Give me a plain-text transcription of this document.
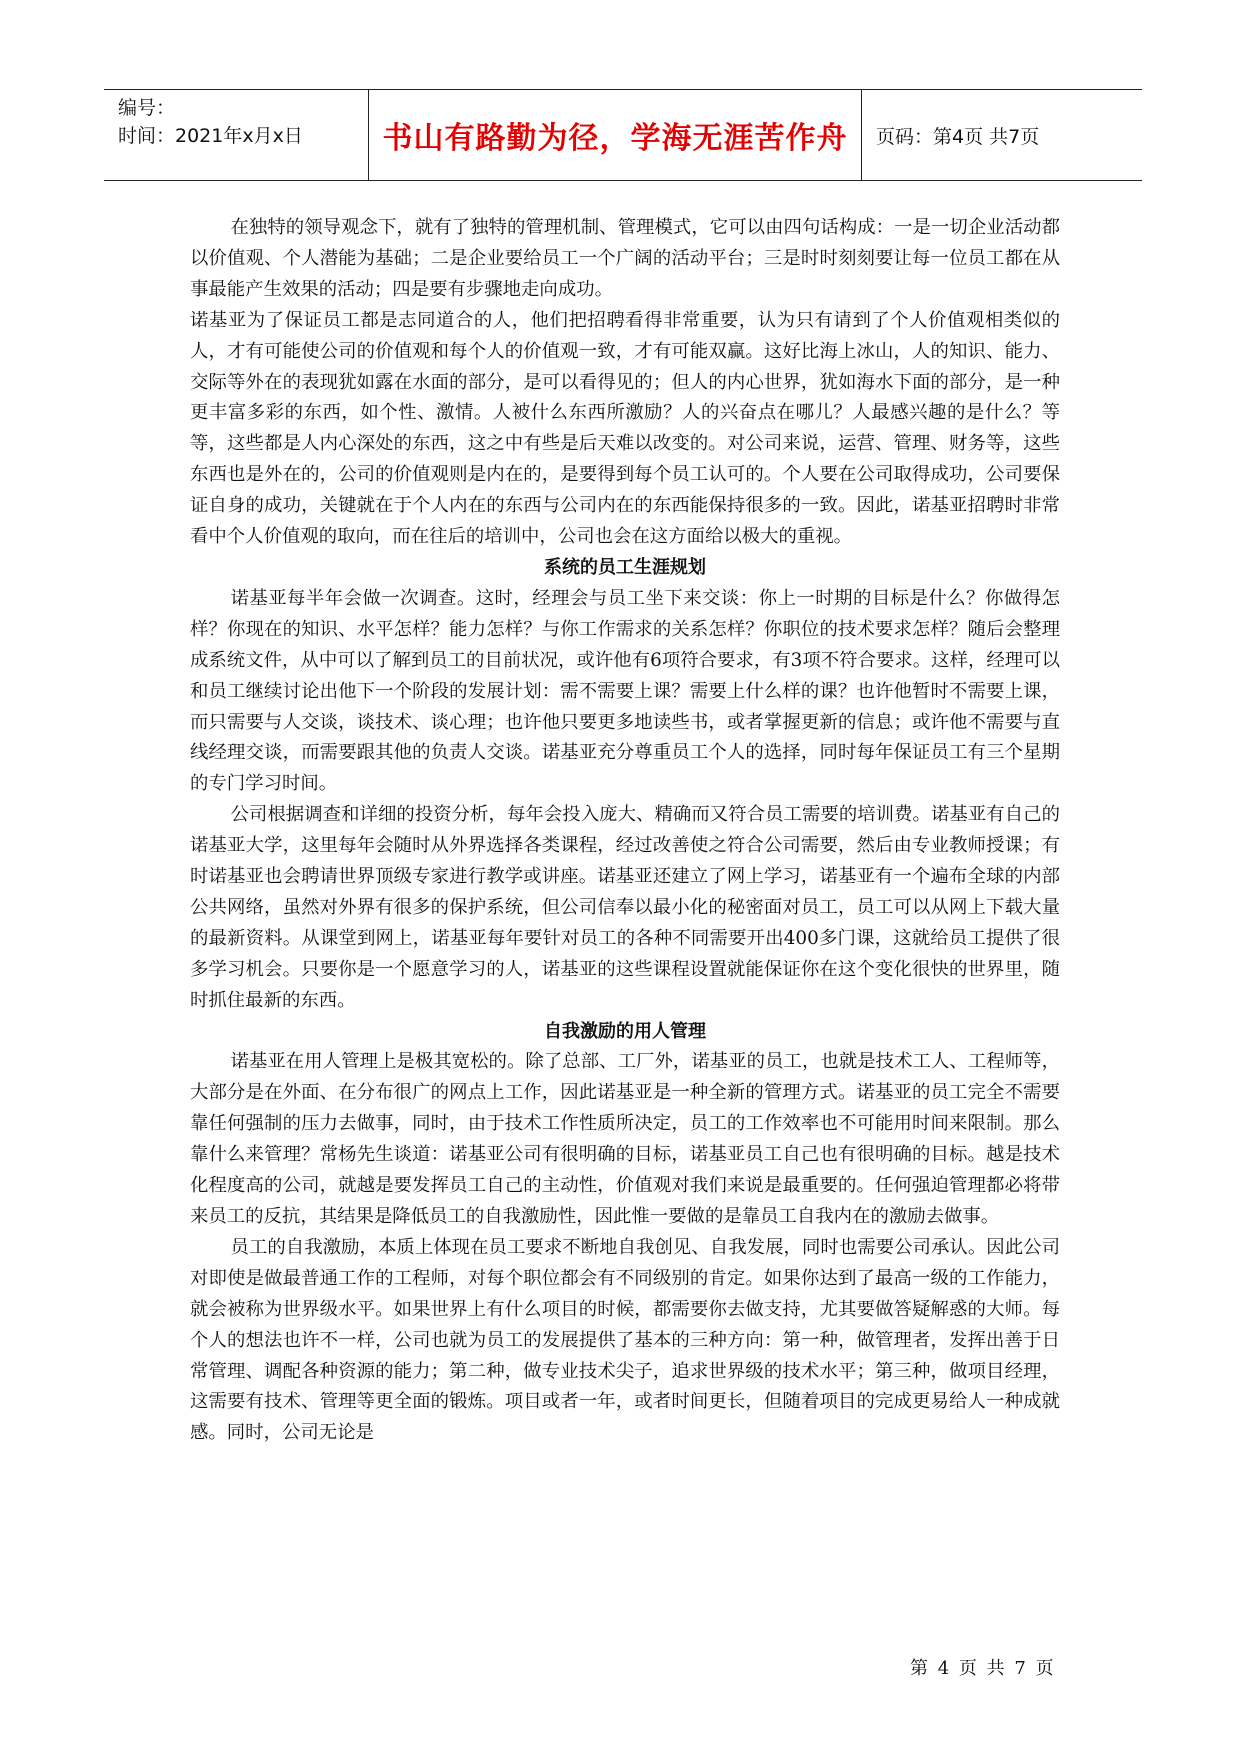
编号：
时间：2021年x月x日	书山有路勤为径，学海无涯苦作舟	页码：第4页 共7页

在独特的领导观念下，就有了独特的管理机制、管理模式，它可以由四句话构成：一是一切企业活动都以价值观、个人潜能为基础；二是企业要给员工一个广阔的活动平台；三是时时刻刻要让每一位员工都在从事最能产生效果的活动；四是要有步骤地走向成功。

诺基亚为了保证员工都是志同道合的人，他们把招聘看得非常重要，认为只有请到了个人价值观相类似的人，才有可能使公司的价值观和每个人的价值观一致，才有可能双赢。这好比海上冰山，人的知识、能力、交际等外在的表现犹如露在水面的部分，是可以看得见的；但人的内心世界，犹如海水下面的部分，是一种更丰富多彩的东西，如个性、激情。人被什么东西所激励？人的兴奋点在哪儿？人最感兴趣的是什么？等等，这些都是人内心深处的东西，这之中有些是后天难以改变的。对公司来说，运营、管理、财务等，这些东西也是外在的，公司的价值观则是内在的，是要得到每个员工认可的。个人要在公司取得成功，公司要保证自身的成功，关键就在于个人内在的东西与公司内在的东西能保持很多的一致。因此，诺基亚招聘时非常看中个人价值观的取向，而在往后的培训中，公司也会在这方面给以极大的重视。

系统的员工生涯规划

诺基亚每半年会做一次调查。这时，经理会与员工坐下来交谈：你上一时期的目标是什么？你做得怎样？你现在的知识、水平怎样？能力怎样？与你工作需求的关系怎样？你职位的技术要求怎样？随后会整理成系统文件，从中可以了解到员工的目前状况，或许他有6项符合要求，有3项不符合要求。这样，经理可以和员工继续讨论出他下一个阶段的发展计划：需不需要上课？需要上什么样的课？也许他暂时不需要上课，而只需要与人交谈，谈技术、谈心理；也许他只要更多地读些书，或者掌握更新的信息；或许他不需要与直线经理交谈，而需要跟其他的负责人交谈。诺基亚充分尊重员工个人的选择，同时每年保证员工有三个星期的专门学习时间。

公司根据调查和详细的投资分析，每年会投入庞大、精确而又符合员工需要的培训费。诺基亚有自己的诺基亚大学，这里每年会随时从外界选择各类课程，经过改善使之符合公司需要，然后由专业教师授课；有时诺基亚也会聘请世界顶级专家进行教学或讲座。诺基亚还建立了网上学习，诺基亚有一个遍布全球的内部公共网络，虽然对外界有很多的保护系统，但公司信奉以最小化的秘密面对员工，员工可以从网上下载大量的最新资料。从课堂到网上，诺基亚每年要针对员工的各种不同需要开出400多门课，这就给员工提供了很多学习机会。只要你是一个愿意学习的人，诺基亚的这些课程设置就能保证你在这个变化很快的世界里，随时抓住最新的东西。

自我激励的用人管理

诺基亚在用人管理上是极其宽松的。除了总部、工厂外，诺基亚的员工，也就是技术工人、工程师等，大部分是在外面、在分布很广的网点上工作，因此诺基亚是一种全新的管理方式。诺基亚的员工完全不需要靠任何强制的压力去做事，同时，由于技术工作性质所决定，员工的工作效率也不可能用时间来限制。那么靠什么来管理？常杨先生谈道：诺基亚公司有很明确的目标，诺基亚员工自己也有很明确的目标。越是技术化程度高的公司，就越是要发挥员工自己的主动性，价值观对我们来说是最重要的。任何强迫管理都必将带来员工的反抗，其结果是降低员工的自我激励性，因此惟一要做的是靠员工自我内在的激励去做事。

员工的自我激励，本质上体现在员工要求不断地自我创见、自我发展，同时也需要公司承认。因此公司对即使是做最普通工作的工程师，对每个职位都会有不同级别的肯定。如果你达到了最高一级的工作能力，就会被称为世界级水平。如果世界上有什么项目的时候，都需要你去做支持，尤其要做答疑解惑的大师。每个人的想法也许不一样，公司也就为员工的发展提供了基本的三种方向：第一种，做管理者，发挥出善于日常管理、调配各种资源的能力；第二种，做专业技术尖子，追求世界级的技术水平；第三种，做项目经理，这需要有技术、管理等更全面的锻炼。项目或者一年，或者时间更长，但随着项目的完成更易给人一种成就感。同时，公司无论是

第 4 页 共 7 页
